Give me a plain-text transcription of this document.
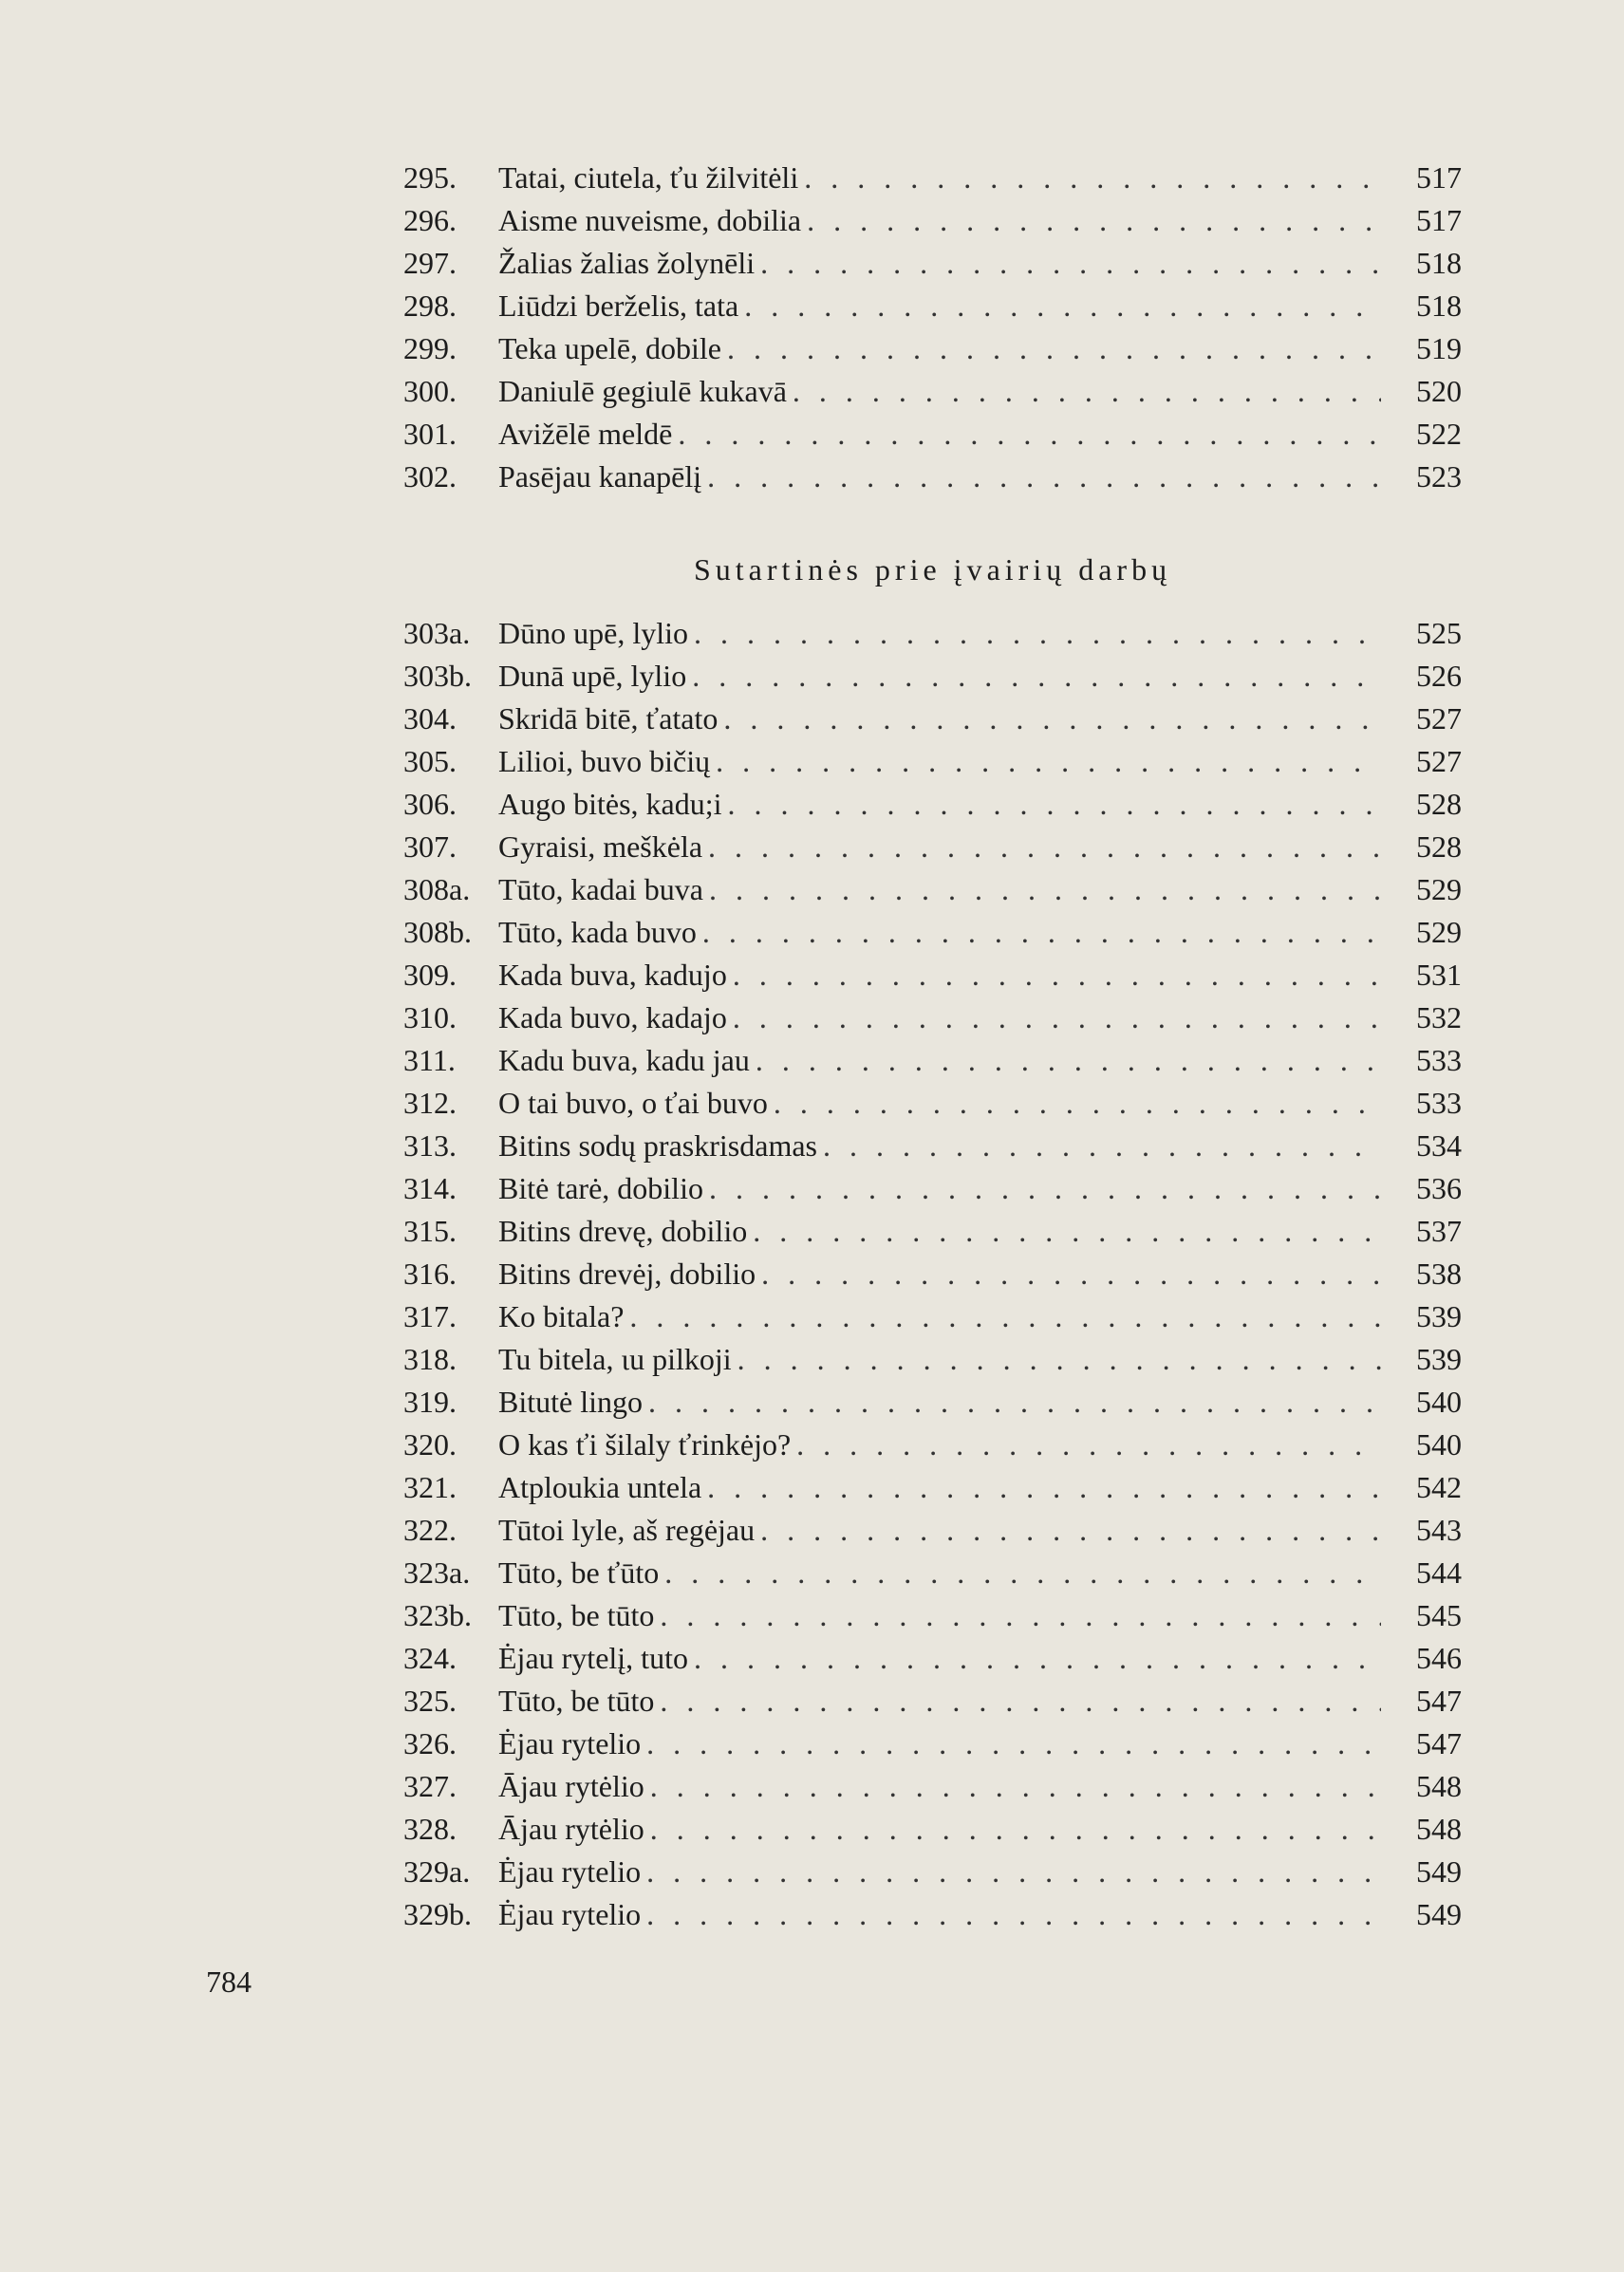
295. Tatai, ciutela, ťu žilvitėli . . .	517
296. Aisme nuveisme, dobilia . . .	517
297. Žalias žalias žolynēli . . .	518
298. Liūdzi berželis, tata . . .	518
299. Teka upelē, dobile . . .	519
300. Daniulē gegiulē kukavā . . .	520
301. Avižēlē meldē . . .	522
302. Pasējau kanapēlį . . .	523
Sutartinės prie įvairių darbų
303a. Dūno upē, lylio . . .	525
303b. Dunā upē, lylio . . .	526
304. Skridā bitē, ťatato . . .	527
305. Lilioi, buvo bičių . . .	527
306. Augo bitės, kadu;i . . .	528
307. Gyraisi, meškėla . . .	528
308a. Tūto, kadai buva . . .	529
308b. Tūto, kada buvo . . .	529
309. Kada buva, kadujo . . .	531
310. Kada buvo, kadajo . . .	532
311. Kadu buva, kadu jau . . .	533
312. O tai buvo, o ťai buvo . . .	533
313. Bitins sodų praskrisdamas . . .	534
314. Bitė tarė, dobilio . . .	536
315. Bitins drevę, dobilio . . .	537
316. Bitins drevėj, dobilio . . .	538
317. Ko bitala? . . .	539
318. Tu bitela, ιu pilkoji . . .	539
319. Bitutė lingo . . .	540
320. O kas ťi šilaly ťrinkėjo? . . .	540
321. Atploukia untela . . .	542
322. Tūtoi lyle, aš regėjau . . .	543
323a. Tūto, be ťūto . . .	544
323b. Tūto, be tūto . . .	545
324. Ėjau rytelį, tuto . . .	546
325. Tūto, be tūto . . .	547
326. Ėjau rytelio . . .	547
327. Ājau rytėlio . . .	548
328. Ājau rytėlio . . .	548
329a. Ėjau rytelio . . .	549
329b. Ėjau rytelio . . .	549
784
